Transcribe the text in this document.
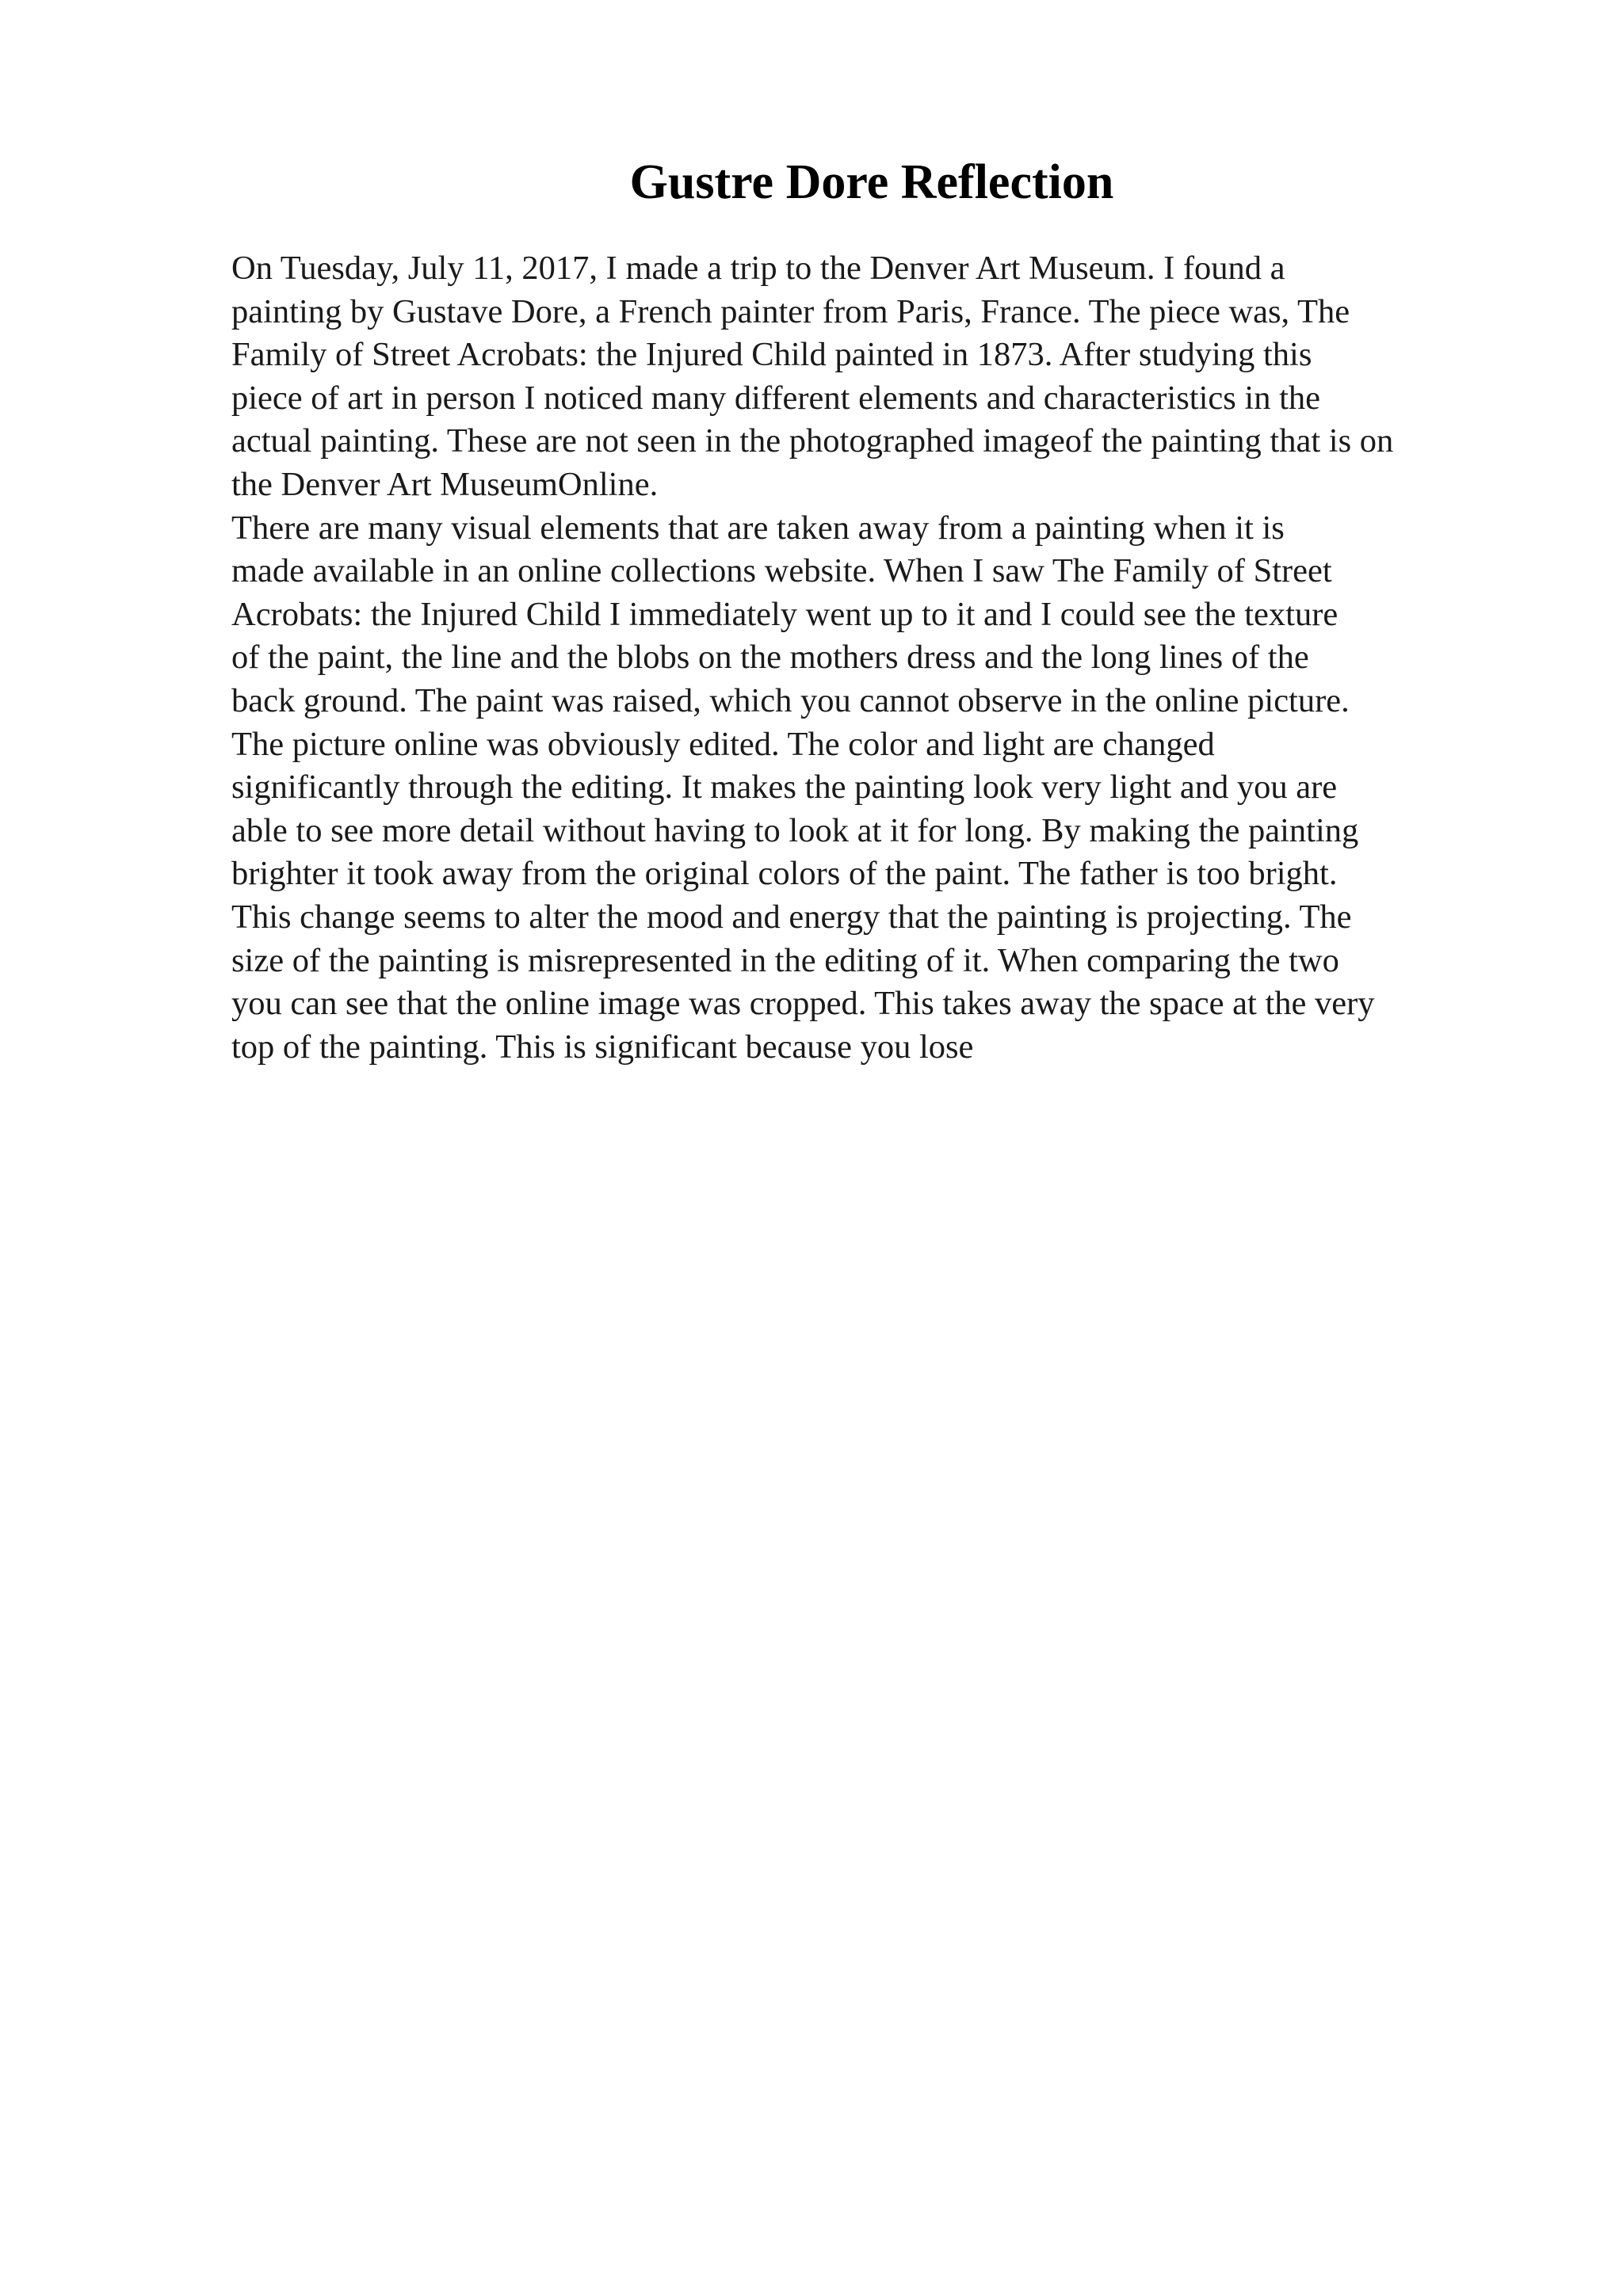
Gustre Dore Reflection
On Tuesday, July 11, 2017, I made a trip to the Denver Art Museum. I found a
painting by Gustave Dore, a French painter from Paris, France. The piece was, The
Family of Street Acrobats: the Injured Child painted in 1873. After studying this
piece of art in person I noticed many different elements and characteristics in the
actual painting. These are not seen in the photographed imageof the painting that is on
the Denver Art MuseumOnline.
There are many visual elements that are taken away from a painting when it is
made available in an online collections website. When I saw The Family of Street
Acrobats: the Injured Child I immediately went up to it and I could see the texture
of the paint, the line and the blobs on the mothers dress and the long lines of the
back ground. The paint was raised, which you cannot observe in the online picture.
The picture online was obviously edited. The color and light are changed
significantly through the editing. It makes the painting look very light and you are
able to see more detail without having to look at it for long. By making the painting
brighter it took away from the original colors of the paint. The father is too bright.
This change seems to alter the mood and energy that the painting is projecting. The
size of the painting is misrepresented in the editing of it. When comparing the two
you can see that the online image was cropped. This takes away the space at the very
top of the painting. This is significant because you lose
